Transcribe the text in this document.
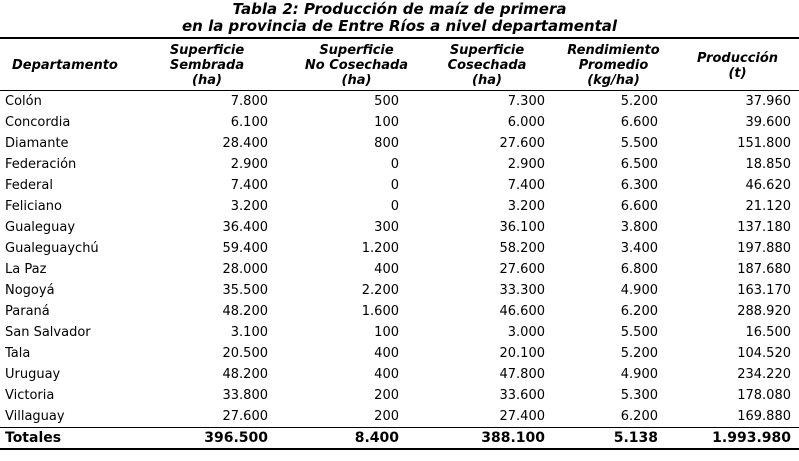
Tabla 2: Producción de maíz de primera
en la provincia de Entre Ríos a nivel departamental
Departamento	Superficie
Sembrada
(ha)	Superficie
No Cosechada
(ha)	Superficie
Cosechada
(ha)	Rendimiento
Promedio
(kg/ha)	Producción
(t)

Colón	7.800	500	7.300	5.200	37.960
Concordia	6.100	100	6.000	6.600	39.600
Diamante	28.400	800	27.600	5.500	151.800
Federación	2.900	0	2.900	6.500	18.850
Federal	7.400	0	7.400	6.300	46.620
Feliciano	3.200	0	3.200	6.600	21.120
Gualeguay	36.400	300	36.100	3.800	137.180
Gualeguaychú	59.400	1.200	58.200	3.400	197.880
La Paz	28.000	400	27.600	6.800	187.680
Nogoyá	35.500	2.200	33.300	4.900	163.170
Paraná	48.200	1.600	46.600	6.200	288.920
San Salvador	3.100	100	3.000	5.500	16.500
Tala	20.500	400	20.100	5.200	104.520
Uruguay	48.200	400	47.800	4.900	234.220
Victoria	33.800	200	33.600	5.300	178.080
Villaguay	27.600	200	27.400	6.200	169.880
Totales	396.500	8.400	388.100	5.138	1.993.980
